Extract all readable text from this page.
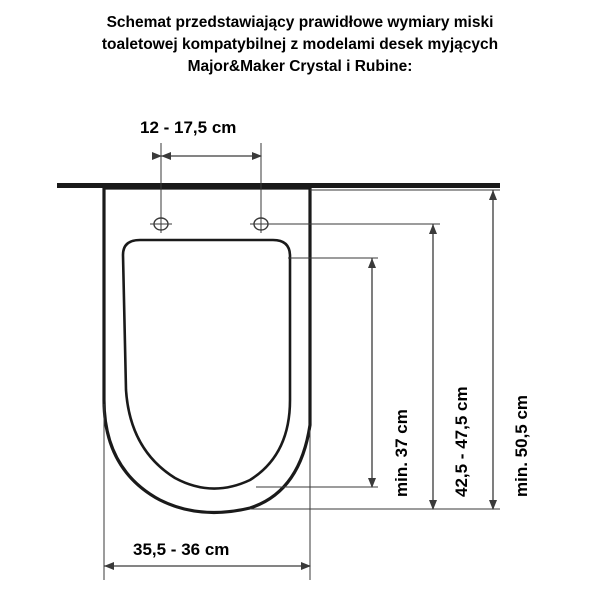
Schemat przedstawiający prawidłowe wymiary miski
toaletowej kompatybilnej z modelami desek myjących
Major&Maker Crystal i Rubine:
12 - 17,5 cm
35,5 - 36 cm
min. 37 cm 42,5 - 47,5 cm min. 50,5 cm
